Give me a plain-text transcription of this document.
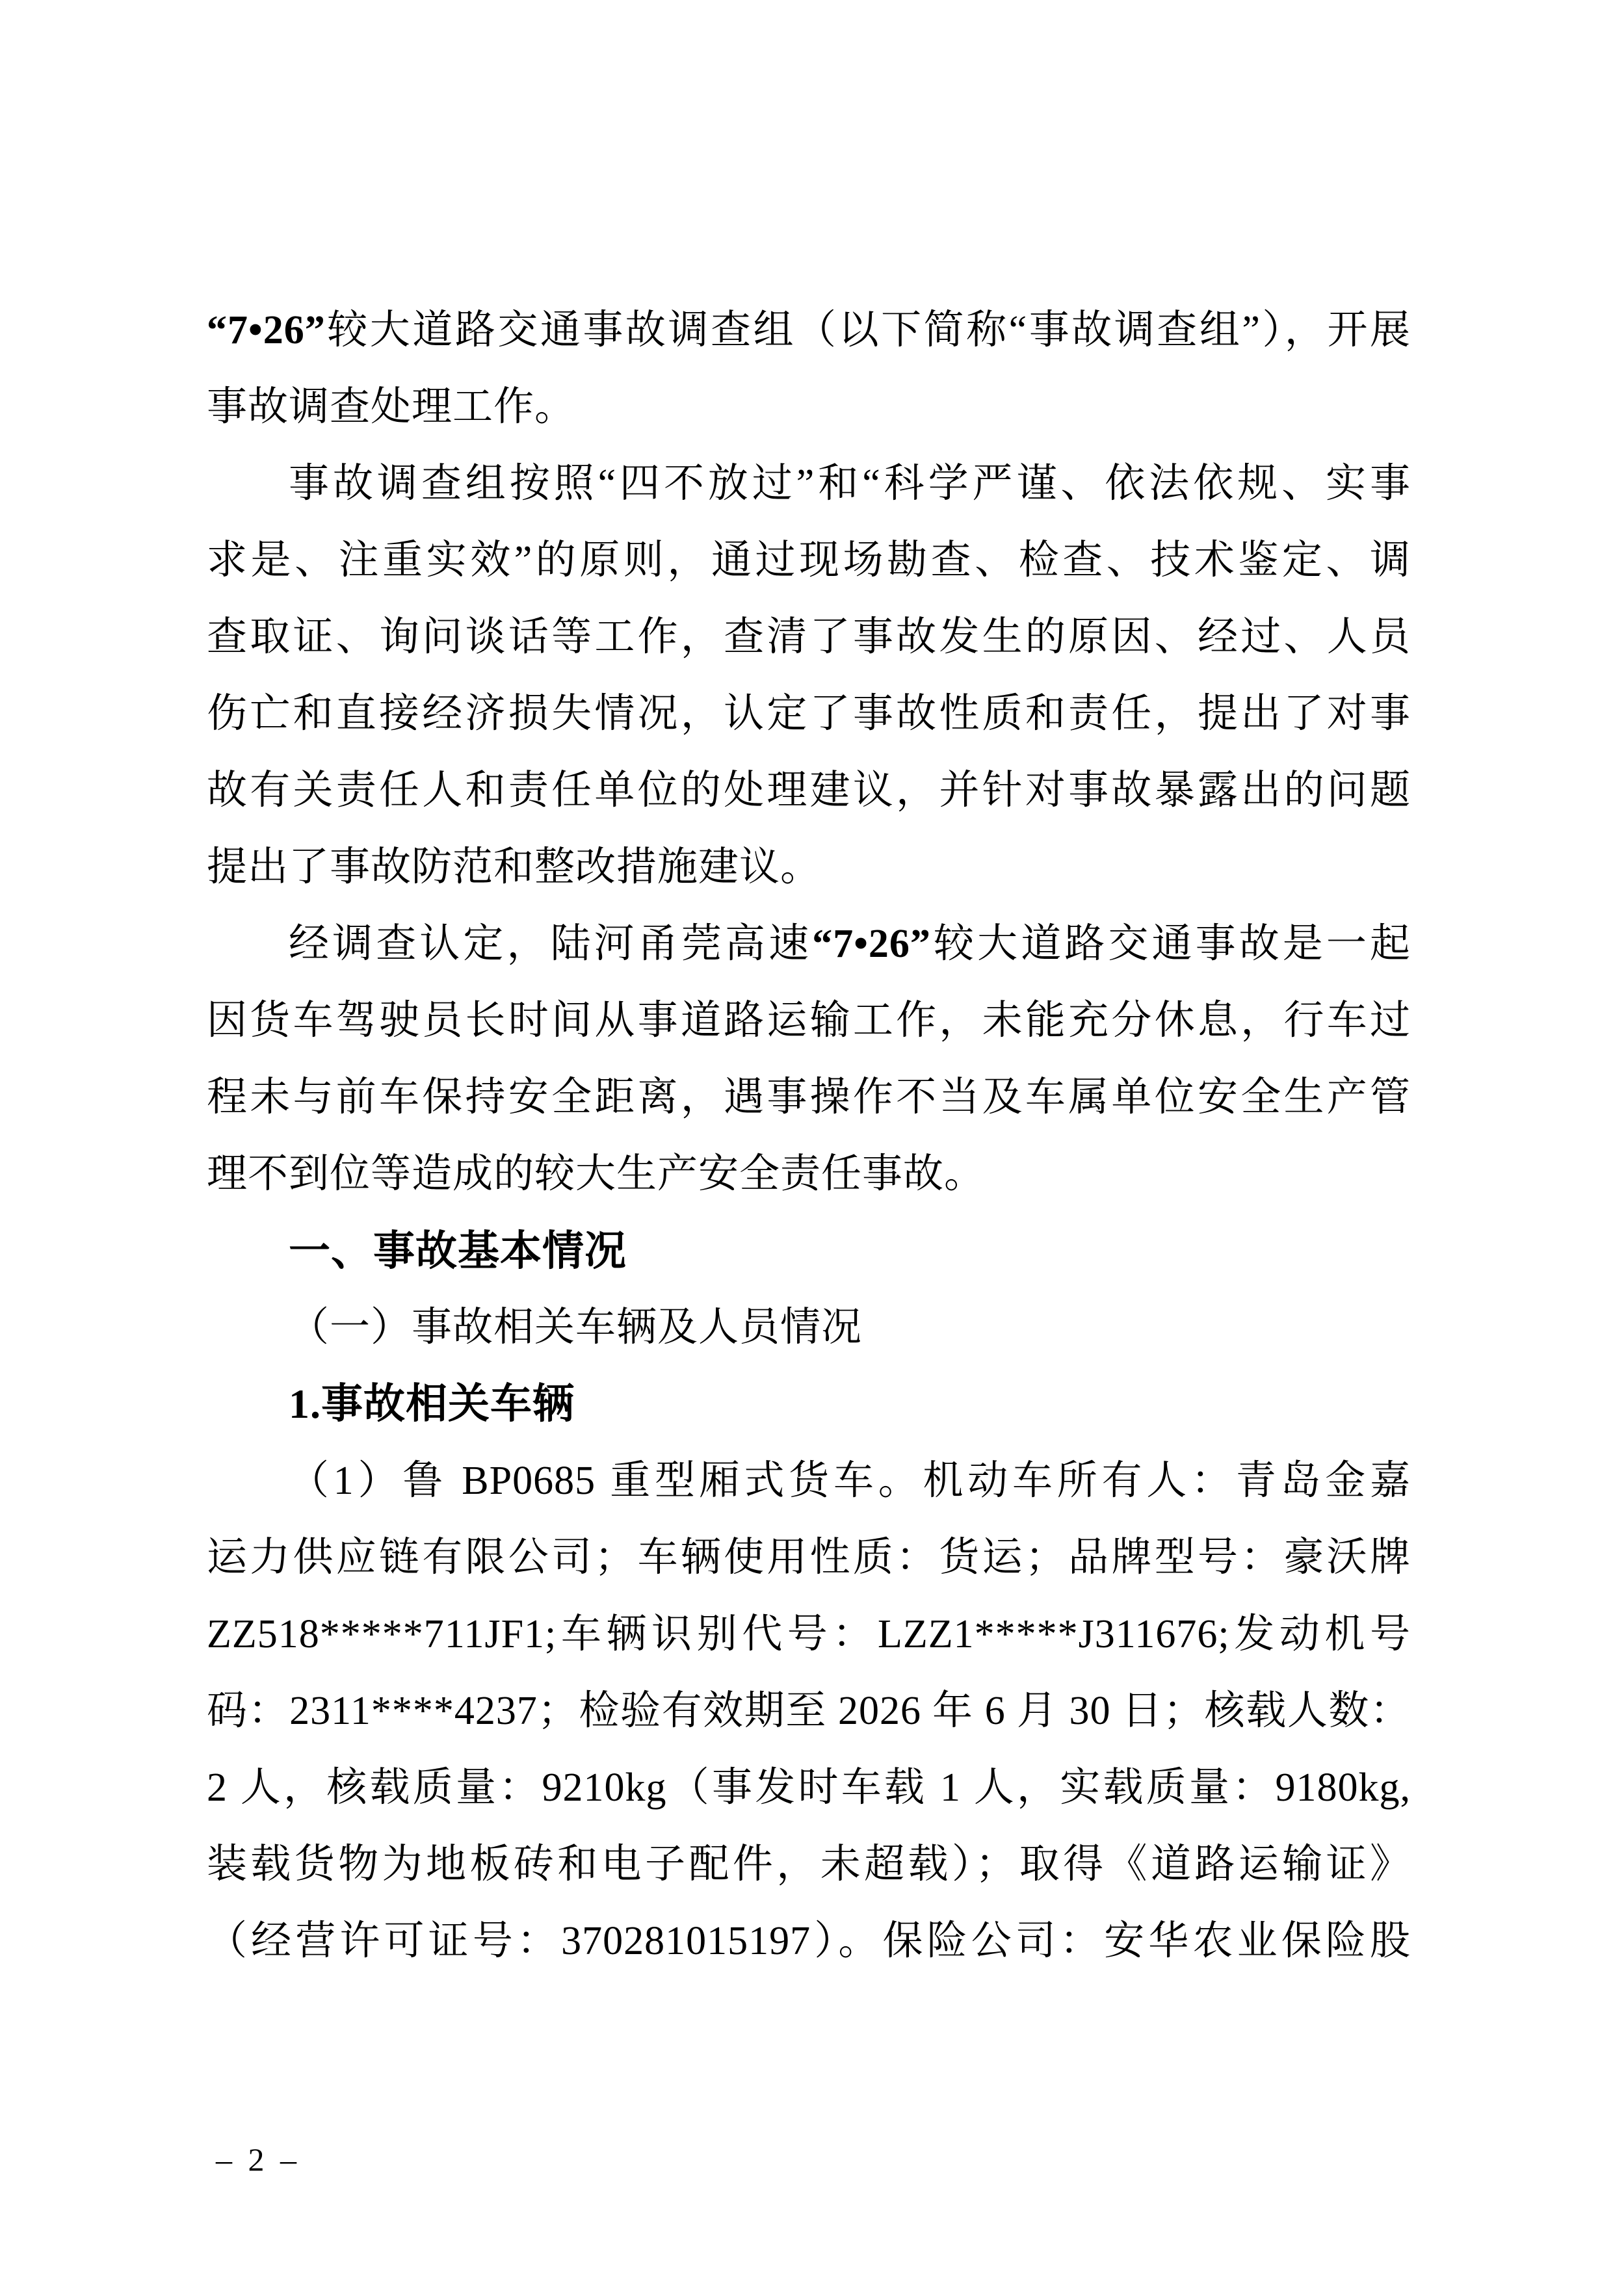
“7•26”较大道路交通事故调查组（以下简称“事故调查组”），开展
事故调查处理工作。
事故调查组按照“四不放过”和“科学严谨、依法依规、实事
求是、注重实效”的原则，通过现场勘查、检查、技术鉴定、调
查取证、询问谈话等工作，查清了事故发生的原因、经过、人员
伤亡和直接经济损失情况，认定了事故性质和责任，提出了对事
故有关责任人和责任单位的处理建议，并针对事故暴露出的问题
提出了事故防范和整改措施建议。
经调查认定，陆河甬莞高速“7•26”较大道路交通事故是一起
因货车驾驶员长时间从事道路运输工作，未能充分休息，行车过
程未与前车保持安全距离，遇事操作不当及车属单位安全生产管
理不到位等造成的较大生产安全责任事故。
一、事故基本情况
（一）事故相关车辆及人员情况
1.事故相关车辆
（1）鲁 BP0685 重型厢式货车。机动车所有人：青岛金嘉
运力供应链有限公司；车辆使用性质：货运；品牌型号：豪沃牌
ZZ518*****711JF1;车辆识别代号：LZZ1*****J311676;发动机号
码：2311****4237；检验有效期至 2026 年 6 月 30 日；核载人数：
2 人，核载质量：9210kg（事发时车载 1 人，实载质量：9180kg,
装载货物为地板砖和电子配件，未超载）；取得《道路运输证》
（经营许可证号：370281015197）。保险公司：安华农业保险股
– 2 –
